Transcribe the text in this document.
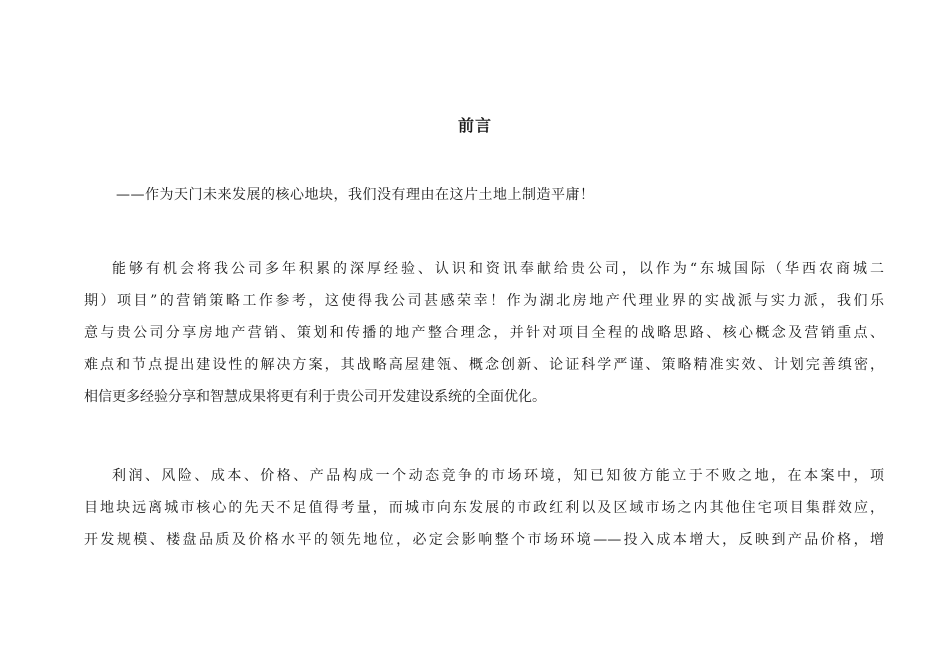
前言
——作为天门未来发展的核心地块，我们没有理由在这片土地上制造平庸！
能够有机会将我公司多年积累的深厚经验、认识和资讯奉献给贵公司，以作为“东城国际（华西农商城二
期）项目”的营销策略工作参考，这使得我公司甚感荣幸！作为湖北房地产代理业界的实战派与实力派，我们乐
意与贵公司分享房地产营销、策划和传播的地产整合理念，并针对项目全程的战略思路、核心概念及营销重点、
难点和节点提出建设性的解决方案，其战略高屋建瓴、概念创新、论证科学严谨、策略精准实效、计划完善缜密，
相信更多经验分享和智慧成果将更有利于贵公司开发建设系统的全面优化。
利润、风险、成本、价格、产品构成一个动态竞争的市场环境，知已知彼方能立于不败之地，在本案中，项
目地块远离城市核心的先天不足值得考量，而城市向东发展的市政红利以及区域市场之内其他住宅项目集群效应，
开发规模、楼盘品质及价格水平的领先地位，必定会影响整个市场环境——投入成本增大，反映到产品价格，增
